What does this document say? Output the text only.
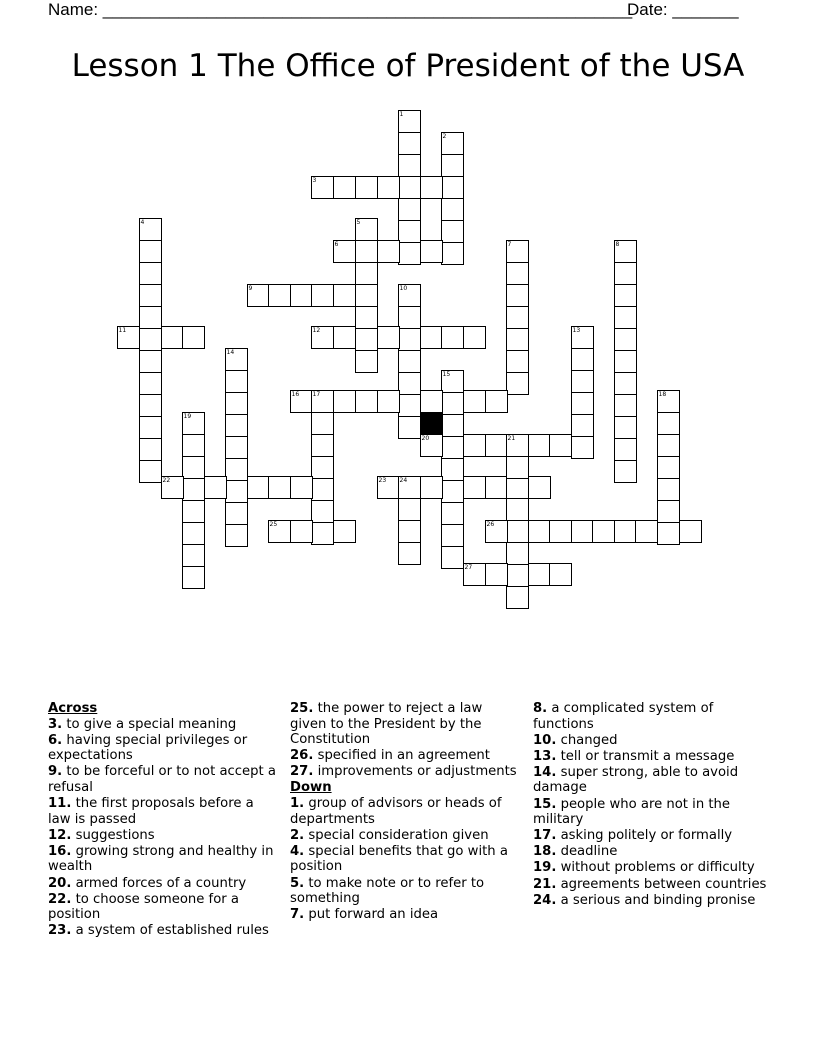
Name: ________________________________________________________
Date: _______
Lesson 1 The Office of President of the USA
1
2
3
4	5
6	7	8
9	10
11	12	13
14
15
16 17	18
19
20	21
22	23 24
25	26
27
Across
3. to give a special meaning
6. having special privileges or expectations
9. to be forceful or to not accept a refusal
11. the first proposals before a law is passed
12. suggestions
16. growing strong and healthy in wealth
20. armed forces of a country
22. to choose someone for a position
23. a system of established rules
25. the power to reject a law given to the President by the Constitution
26. specified in an agreement
27. improvements or adjustments
Down
1. group of advisors or heads of departments
2. special consideration given
4. special benefits that go with a position
5. to make note or to refer to something
7. put forward an idea
8. a complicated system of functions
10. changed
13. tell or transmit a message
14. super strong, able to avoid damage
15. people who are not in the military
17. asking politely or formally
18. deadline
19. without problems or difficulty
21. agreements between countries
24. a serious and binding pronise
